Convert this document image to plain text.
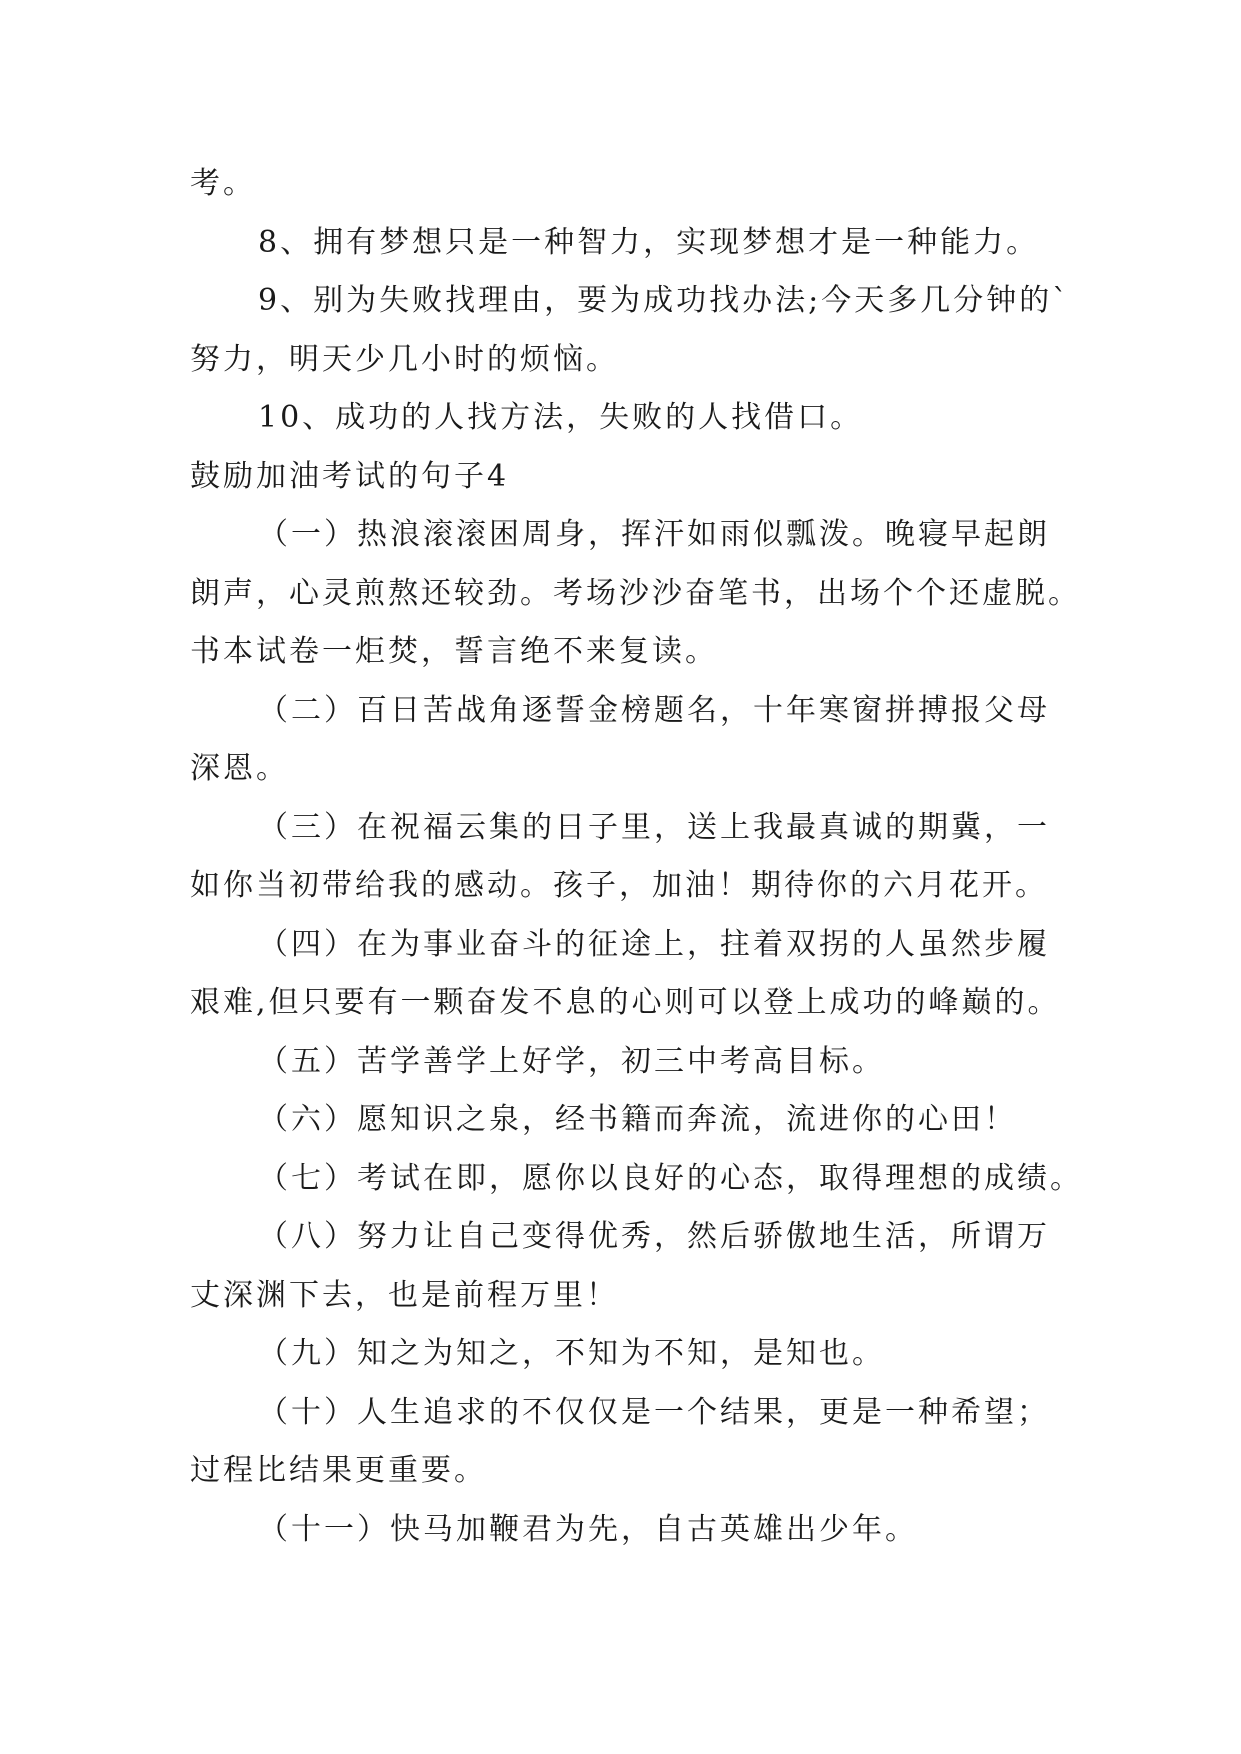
考。
8、拥有梦想只是一种智力，实现梦想才是一种能力。
9、别为失败找理由，要为成功找办法;今天多几分钟的`
努力，明天少几小时的烦恼。
10、成功的人找方法，失败的人找借口。
鼓励加油考试的句子4
（一）热浪滚滚困周身，挥汗如雨似瓢泼。晚寝早起朗
朗声，心灵煎熬还较劲。考场沙沙奋笔书，出场个个还虚脱。
书本试卷一炬焚，誓言绝不来复读。
（二）百日苦战角逐誓金榜题名，十年寒窗拼搏报父母
深恩。
（三）在祝福云集的日子里，送上我最真诚的期冀，一
如你当初带给我的感动。孩子，加油！期待你的六月花开。
（四）在为事业奋斗的征途上，拄着双拐的人虽然步履
艰难,但只要有一颗奋发不息的心则可以登上成功的峰巅的。
（五）苦学善学上好学，初三中考高目标。
（六）愿知识之泉，经书籍而奔流，流进你的心田！
（七）考试在即，愿你以良好的心态，取得理想的成绩。
（八）努力让自己变得优秀，然后骄傲地生活，所谓万
丈深渊下去，也是前程万里！
（九）知之为知之，不知为不知，是知也。
（十）人生追求的不仅仅是一个结果，更是一种希望；
过程比结果更重要。
（十一）快马加鞭君为先，自古英雄出少年。
